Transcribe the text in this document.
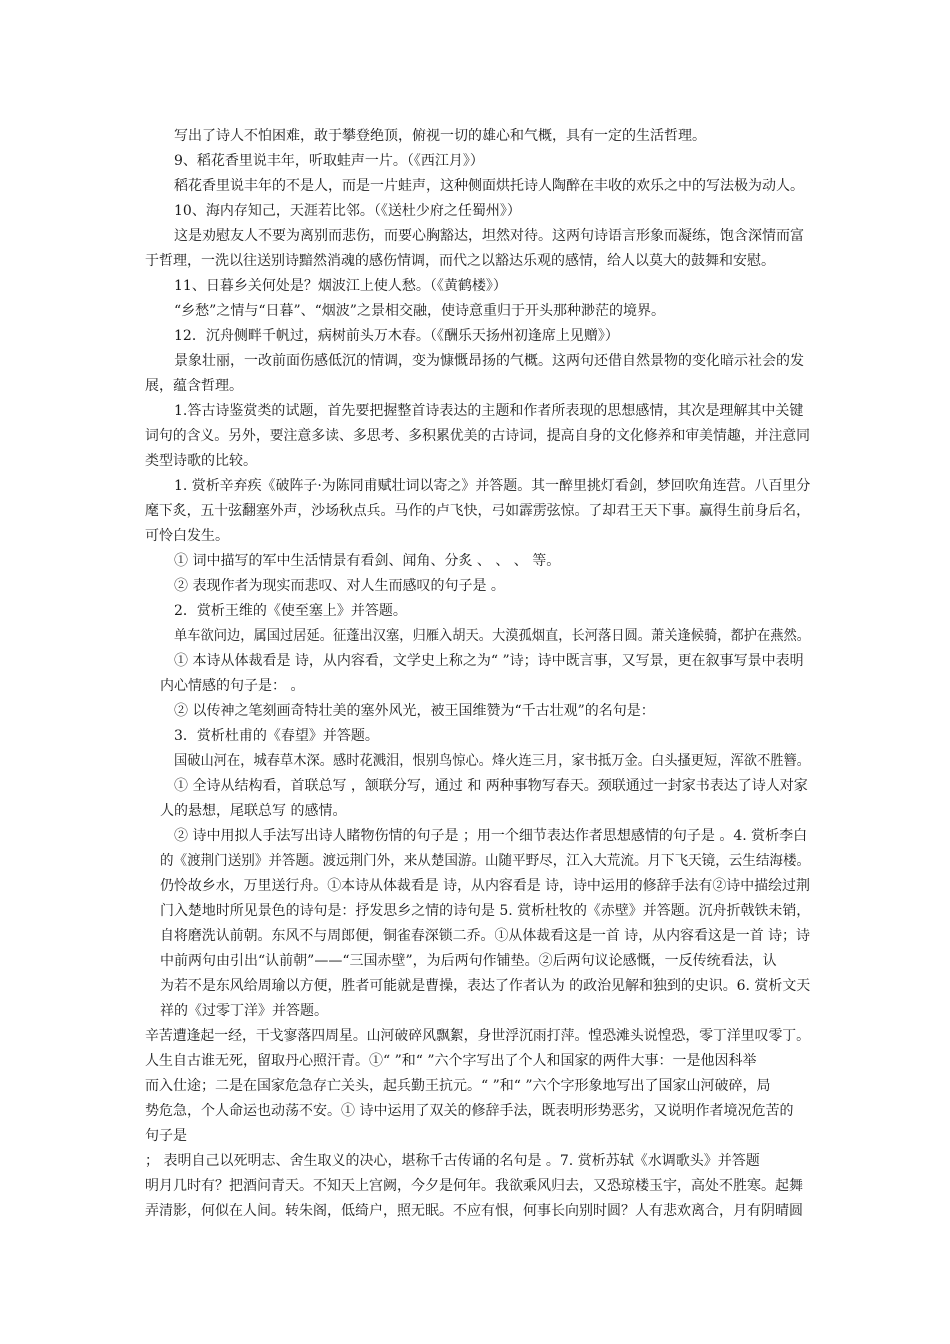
写出了诗人不怕困难，敢于攀登绝顶，俯视一切的雄心和气概，具有一定的生活哲理。
9、稻花香里说丰年，听取蛙声一片。（《西江月》）
稻花香里说丰年的不是人，而是一片蛙声，这种侧面烘托诗人陶醉在丰收的欢乐之中的写法极为动人。
10、海内存知己，天涯若比邻。（《送杜少府之任蜀州》）
这是劝慰友人不要为离别而悲伤，而要心胸豁达，坦然对待。这两句诗语言形象而凝练，饱含深情而富
于哲理，一洗以往送别诗黯然消魂的感伤情调，而代之以豁达乐观的感情，给人以莫大的鼓舞和安慰。
11、日暮乡关何处是？烟波江上使人愁。（《黄鹤楼》）
“乡愁”之情与“日暮”、“烟波”之景相交融，使诗意重归于开头那种渺茫的境界。
12．沉舟侧畔千帆过，病树前头万木春。（《酬乐天扬州初逢席上见赠》）
景象壮丽，一改前面伤感低沉的情调，变为慷慨昂扬的气概。这两句还借自然景物的变化暗示社会的发
展，蕴含哲理。
1.答古诗鉴赏类的试题，首先要把握整首诗表达的主题和作者所表现的思想感情，其次是理解其中关键
词句的含义。另外，要注意多读、多思考、多积累优美的古诗词，提高自身的文化修养和审美情趣，并注意同
类型诗歌的比较。
1. 赏析辛弃疾《破阵子·为陈同甫赋壮词以寄之》并答题。其一醉里挑灯看剑，梦回吹角连营。八百里分
麾下炙，五十弦翻塞外声，沙场秋点兵。马作的卢飞快，弓如霹雳弦惊。了却君王天下事。赢得生前身后名，
可怜白发生。
① 词中描写的军中生活情景有看剑、闻角、分炙 、 、 、 等。
② 表现作者为现实而悲叹、对人生而感叹的句子是 。
2．赏析王维的《使至塞上》并答题。
单车欲问边，属国过居延。征蓬出汉塞，归雁入胡天。大漠孤烟直，长河落日圆。萧关逢候骑，都护在燕然。
① 本诗从体裁看是 诗，从内容看，文学史上称之为“ ”诗；诗中既言事，又写景，更在叙事写景中表明
内心情感的句子是： 。
② 以传神之笔刻画奇特壮美的塞外风光，被王国维赞为“千古壮观”的名句是：
3．赏析杜甫的《春望》并答题。
国破山河在，城春草木深。感时花溅泪，恨别鸟惊心。烽火连三月，家书抵万金。白头搔更短，浑欲不胜簪。
① 全诗从结构看，首联总写 ，颔联分写，通过 和 两种事物写春天。颈联通过一封家书表达了诗人对家
人的悬想，尾联总写 的感情。
② 诗中用拟人手法写出诗人睹物伤情的句子是 ；用一个细节表达作者思想感情的句子是 。4. 赏析李白
的《渡荆门送别》并答题。渡远荆门外，来从楚国游。山随平野尽，江入大荒流。月下飞天镜，云生结海楼。
仍怜故乡水，万里送行舟。①本诗从体裁看是 诗，从内容看是 诗，诗中运用的修辞手法有②诗中描绘过荆
门入楚地时所见景色的诗句是：抒发思乡之情的诗句是 5. 赏析杜牧的《赤壁》并答题。沉舟折戟铁未销，
自将磨洗认前朝。东风不与周郎便，铜雀春深锁二乔。①从体裁看这是一首 诗，从内容看这是一首 诗；诗
中前两句由引出“认前朝”——“三国赤壁”，为后两句作铺垫。②后两句议论感慨，一反传统看法，认
为若不是东风给周瑜以方便，胜者可能就是曹操，表达了作者认为 的政治见解和独到的史识。6. 赏析文天
祥的《过零丁洋》并答题。
辛苦遭逢起一经，干戈寥落四周星。山河破碎风飘絮，身世浮沉雨打萍。惶恐滩头说惶恐，零丁洋里叹零丁。
人生自古谁无死，留取丹心照汗青。①“ ”和“ ”六个字写出了个人和国家的两件大事：一是他因科举
而入仕途；二是在国家危急存亡关头，起兵勤王抗元。“ ”和“ ”六个字形象地写出了国家山河破碎，局
势危急，个人命运也动荡不安。① 诗中运用了双关的修辞手法，既表明形势恶劣，又说明作者境况危苦的
句子是
； 表明自己以死明志、舍生取义的决心，堪称千古传诵的名句是 。7. 赏析苏轼《水调歌头》并答题
明月几时有？把酒问青天。不知天上宫阙，今夕是何年。我欲乘风归去，又恐琼楼玉宇，高处不胜寒。起舞
弄清影，何似在人间。转朱阁，低绮户，照无眠。不应有恨，何事长向别时圆？人有悲欢离合，月有阴晴圆
